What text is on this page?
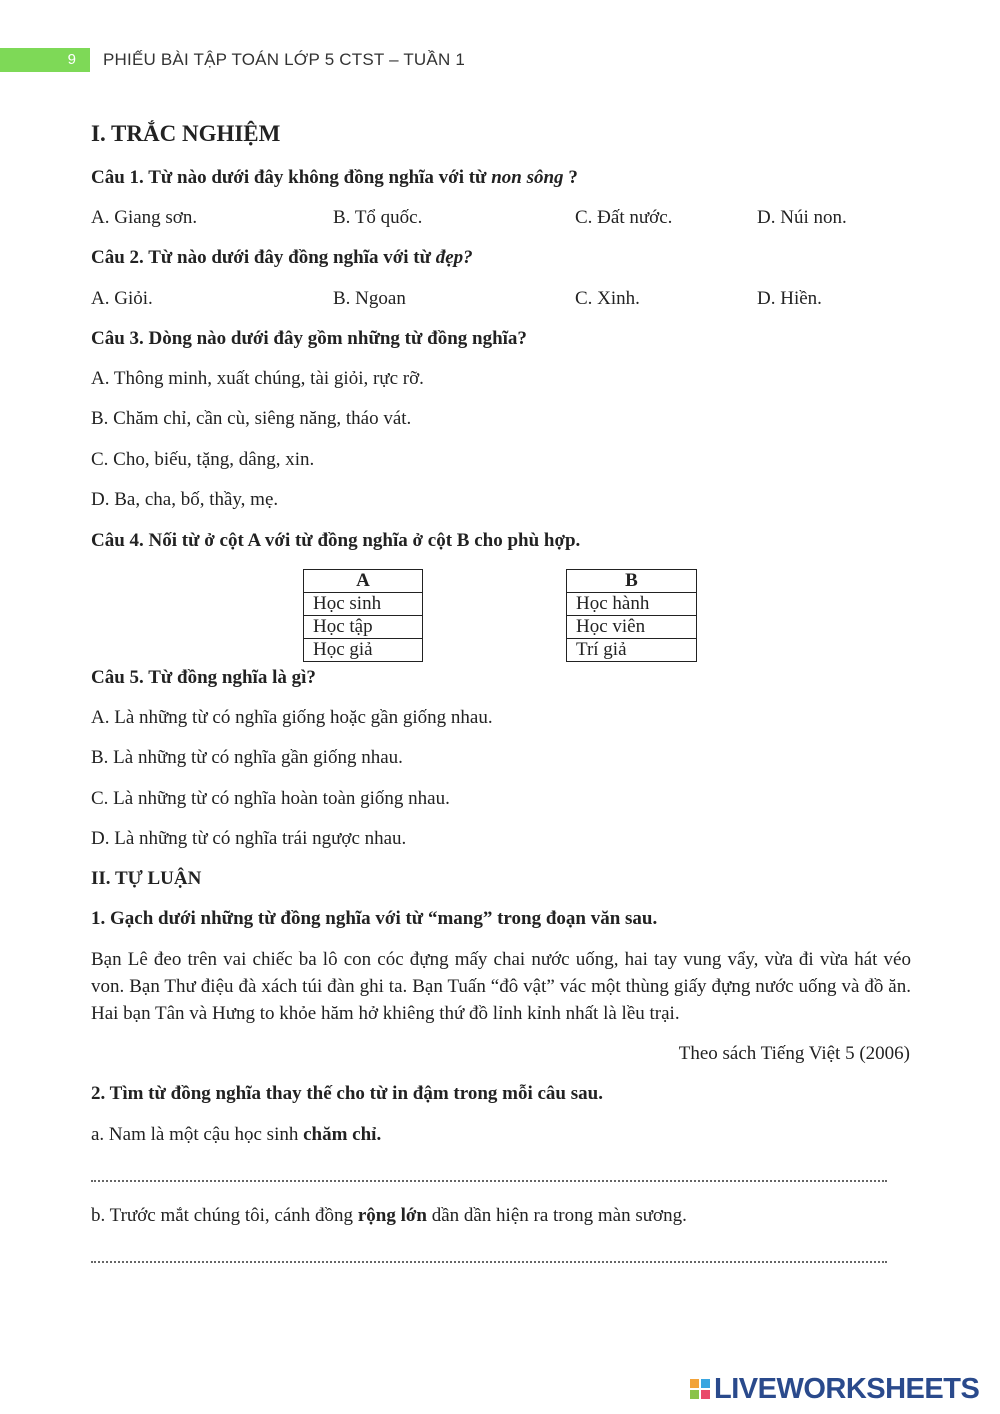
9	PHIẾU BÀI TẬP TOÁN LỚP 5 CTST – TUẦN 1
I. TRẮC NGHIỆM
Câu 1. Từ nào dưới đây không đồng nghĩa với từ non sông ?
A. Giang sơn.	B. Tổ quốc.	C. Đất nước.	D. Núi non.
Câu 2. Từ nào dưới đây đồng nghĩa với từ đẹp?
A. Giỏi.	B. Ngoan	C. Xinh.	D. Hiền.
Câu 3. Dòng nào dưới đây gồm những từ đồng nghĩa?
A. Thông minh, xuất chúng, tài giỏi, rực rỡ.
B. Chăm chỉ, cần cù, siêng năng, tháo vát.
C. Cho, biếu, tặng, dâng, xin.
D. Ba, cha, bố, thầy, mẹ.
Câu 4. Nối từ ở cột A với từ đồng nghĩa ở cột B cho phù hợp.
A
Học sinh
Học tập
Học giả
B
Học hành
Học viên
Trí giả
Câu 5. Từ đồng nghĩa là gì?
A. Là những từ có nghĩa giống hoặc gần giống nhau.
B. Là những từ có nghĩa gần giống nhau.
C. Là những từ có nghĩa hoàn toàn giống nhau.
D. Là những từ có nghĩa trái ngược nhau.
II. TỰ LUẬN
1. Gạch dưới những từ đồng nghĩa với từ “mang” trong đoạn văn sau.
Bạn Lê đeo trên vai chiếc ba lô con cóc đựng mấy chai nước uống, hai tay vung vẩy, vừa đi vừa hát véo von. Bạn Thư điệu đà xách túi đàn ghi ta. Bạn Tuấn “đô vật” vác một thùng giấy đựng nước uống và đồ ăn. Hai bạn Tân và Hưng to khỏe hăm hở khiêng thứ đồ lỉnh kỉnh nhất là lều trại.
Theo sách Tiếng Việt 5 (2006)
2. Tìm từ đồng nghĩa thay thế cho từ in đậm trong mỗi câu sau.
a. Nam là một cậu học sinh chăm chỉ.
b. Trước mắt chúng tôi, cánh đồng rộng lớn dần dần hiện ra trong màn sương.
LIVEWORKSHEETS
